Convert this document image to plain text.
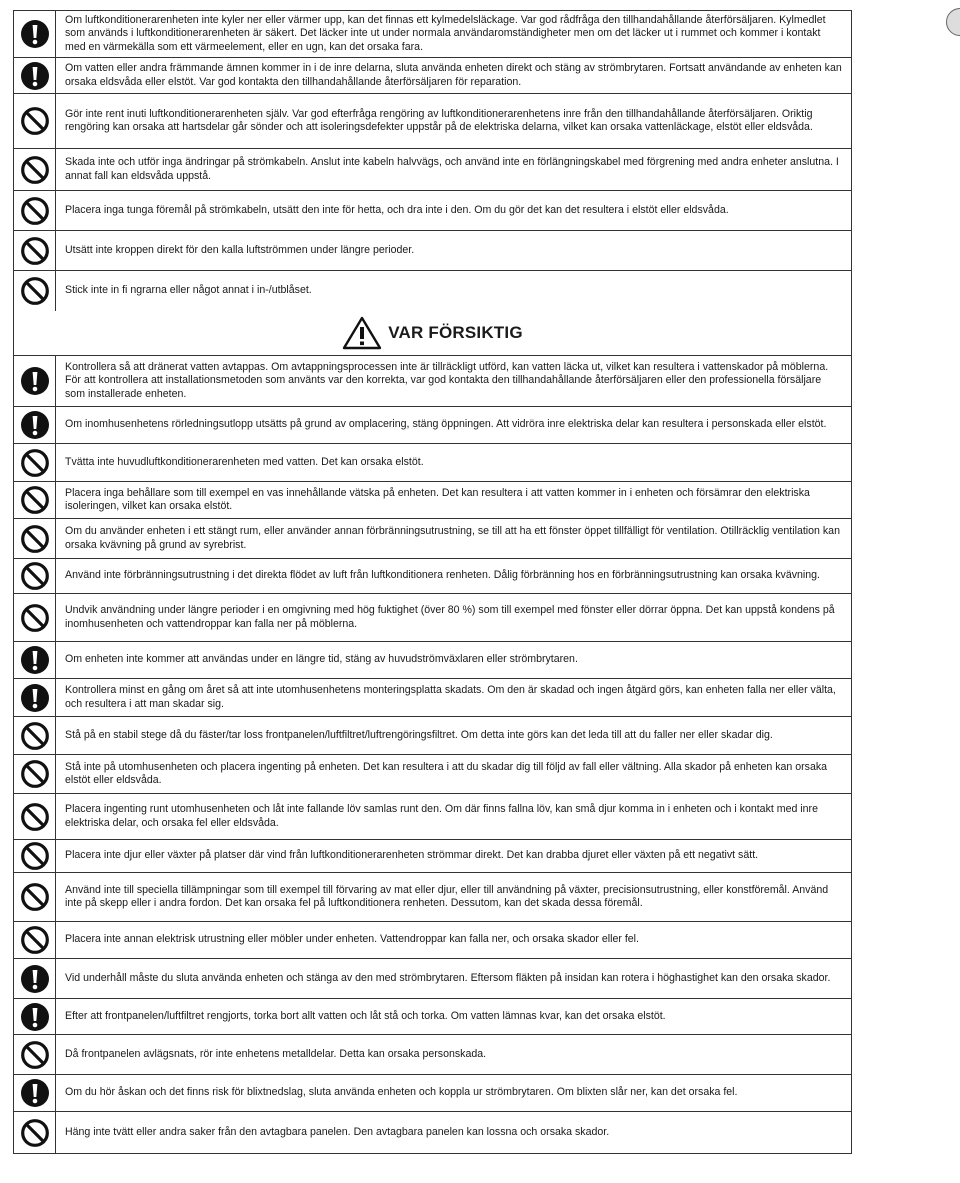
Om luftkonditionerarenheten inte kyler ner eller värmer upp, kan det finnas ett kylmedelsläckage. Var god rådfråga den tillhandahållande återförsäljaren. Kylmedlet som används i luftkonditionerarenheten är säkert. Det läcker inte ut under normala användaromständigheter men om det läcker ut i rummet och kommer i kontakt med en värmekälla som ett värmeelement, eller en ugn, kan det orsaka fara.
Om vatten eller andra främmande ämnen kommer in i de inre delarna, sluta använda enheten direkt och stäng av strömbrytaren. Fortsatt användande av enheten kan orsaka eldsvåda eller elstöt. Var god kontakta den tillhandahållande återförsäljaren för reparation.
Gör inte rent inuti luftkonditionerarenheten själv. Var god efterfråga rengöring av luftkonditionerarenhetens inre från den tillhandahållande återförsäljaren. Oriktig rengöring kan orsaka att hartsdelar går sönder och att isoleringsdefekter uppstår på de elektriska delarna, vilket kan orsaka vattenläckage, elstöt eller eldsvåda.
Skada inte och utför inga ändringar på strömkabeln. Anslut inte kabeln halvvägs, och använd inte en förlängningskabel med förgrening med andra enheter anslutna. I annat fall kan eldsvåda uppstå.
Placera inga tunga föremål på strömkabeln, utsätt den inte för hetta, och dra inte i den. Om du gör det kan det resultera i elstöt eller eldsvåda.
Utsätt inte kroppen direkt för den kalla luftströmmen under längre perioder.
Stick inte in fi ngrarna eller något annat i in-/utblåset.
VAR FÖRSIKTIG
Kontrollera så att dränerat vatten avtappas. Om avtappningsprocessen inte är tillräckligt utförd, kan vatten läcka ut, vilket kan resultera i vattenskador på möblerna. För att kontrollera att installationsmetoden som använts var den korrekta, var god kontakta den tillhandahållande återförsäljaren eller den professionella försäljare som installerade enheten.
Om inomhusenhetens rörledningsutlopp utsätts på grund av omplacering, stäng öppningen. Att vidröra inre elektriska delar kan resultera i personskada eller elstöt.
Tvätta inte huvudluftkonditionerarenheten med vatten. Det kan orsaka elstöt.
Placera inga behållare som till exempel en vas innehållande vätska på enheten. Det kan resultera i att vatten kommer in i enheten och försämrar den elektriska isoleringen, vilket kan orsaka elstöt.
Om du använder enheten i ett stängt rum, eller använder annan förbränningsutrustning, se till att ha ett fönster öppet tillfälligt för ventilation. Otillräcklig ventilation kan orsaka kvävning på grund av syrebrist.
Använd inte förbränningsutrustning i det direkta flödet av luft från luftkonditionera renheten. Dålig förbränning hos en förbränningsutrustning kan orsaka kvävning.
Undvik användning under längre perioder i en omgivning med hög fuktighet (över 80 %) som till exempel med fönster eller dörrar öppna. Det kan uppstå kondens på inomhusenheten och vattendroppar kan falla ner på möblerna.
Om enheten inte kommer att användas under en längre tid, stäng av huvudströmväxlaren eller strömbrytaren.
Kontrollera minst en gång om året så att inte utomhusenhetens monteringsplatta skadats. Om den är skadad och ingen åtgärd görs, kan enheten falla ner eller välta, och resultera i att man skadar sig.
Stå på en stabil stege då du fäster/tar loss frontpanelen/luftfiltret/luftrengöringsfiltret. Om detta inte görs kan det leda till att du faller ner eller skadar dig.
Stå inte på utomhusenheten och placera ingenting på enheten. Det kan resultera i att du skadar dig till följd av fall eller vältning. Alla skador på enheten kan orsaka elstöt eller eldsvåda.
Placera ingenting runt utomhusenheten och låt inte fallande löv samlas runt den. Om där finns fallna löv, kan små djur komma in i enheten och i kontakt med inre elektriska delar, och orsaka fel eller eldsvåda.
Placera inte djur eller växter på platser där vind från luftkonditionerarenheten strömmar direkt. Det kan drabba djuret eller växten på ett negativt sätt.
Använd inte till speciella tillämpningar som till exempel till förvaring av mat eller djur, eller till användning på växter, precisionsutrustning, eller konstföremål. Använd inte på skepp eller i andra fordon. Det kan orsaka fel på luftkonditionera renheten. Dessutom, kan det skada dessa föremål.
Placera inte annan elektrisk utrustning eller möbler under enheten. Vattendroppar kan falla ner, och orsaka skador eller fel.
Vid underhåll måste du sluta använda enheten och stänga av den med strömbrytaren. Eftersom fläkten på insidan kan rotera i höghastighet kan den orsaka skador.
Efter att frontpanelen/luftfiltret rengjorts, torka bort allt vatten och låt stå och torka. Om vatten lämnas kvar, kan det orsaka elstöt.
Då frontpanelen avlägsnats, rör inte enhetens metalldelar. Detta kan orsaka personskada.
Om du hör åskan och det finns risk för blixtnedslag, sluta använda enheten och koppla ur strömbrytaren. Om blixten slår ner, kan det orsaka fel.
Häng inte tvätt eller andra saker från den avtagbara panelen. Den avtagbara panelen kan lossna och orsaka skador.
